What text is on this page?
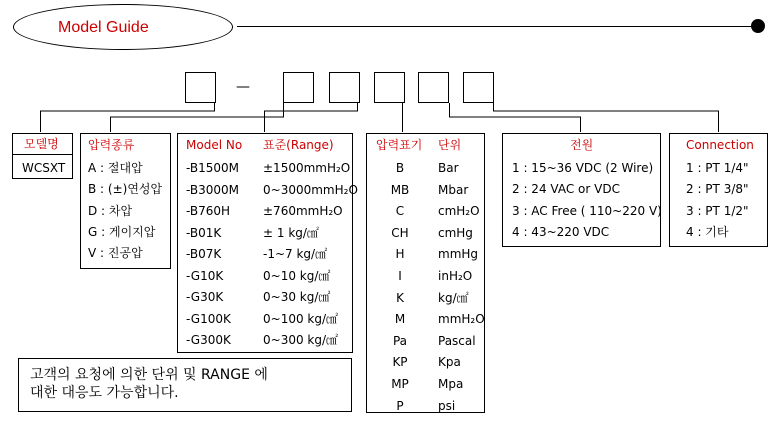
Model Guide
—
모델명
WCSXT
압력종류
A : 절대압
B : (±)연성압
D : 차압
G : 게이지압
V : 진공압
Model No 표준(Range)
-B1500M ±1500mmH₂O
-B3000M 0~3000mmH₂O
-B760H	±760mmH₂O
-B01K	± 1 kg/㎠
-B07K	-1~7 kg/㎠
-G10K	0~10 kg/㎠
-G30K	0~30 kg/㎠
-G100K	0~100 kg/㎠
-G300K	0~300 kg/㎠
압력표기 단위
B	Bar
MB	Mbar
C	cmH₂O
CH	cmHg
H	mmHg
I	inH₂O
K	kg/㎠
M	mmH₂O
Pa	Pascal
KP	Kpa
MP	Mpa
P	psi
전원
1 : 15~36 VDC (2 Wire)
2 : 24 VAC or VDC
3 : AC Free ( 110~220 V)
4 : 43~220 VDC
Connection
1 : PT 1/4"
2 : PT 3/8"
3 : PT 1/2"
4 : 기타
고객의 요청에 의한 단위 및 RANGE 에
대한 대응도 가능합니다.
